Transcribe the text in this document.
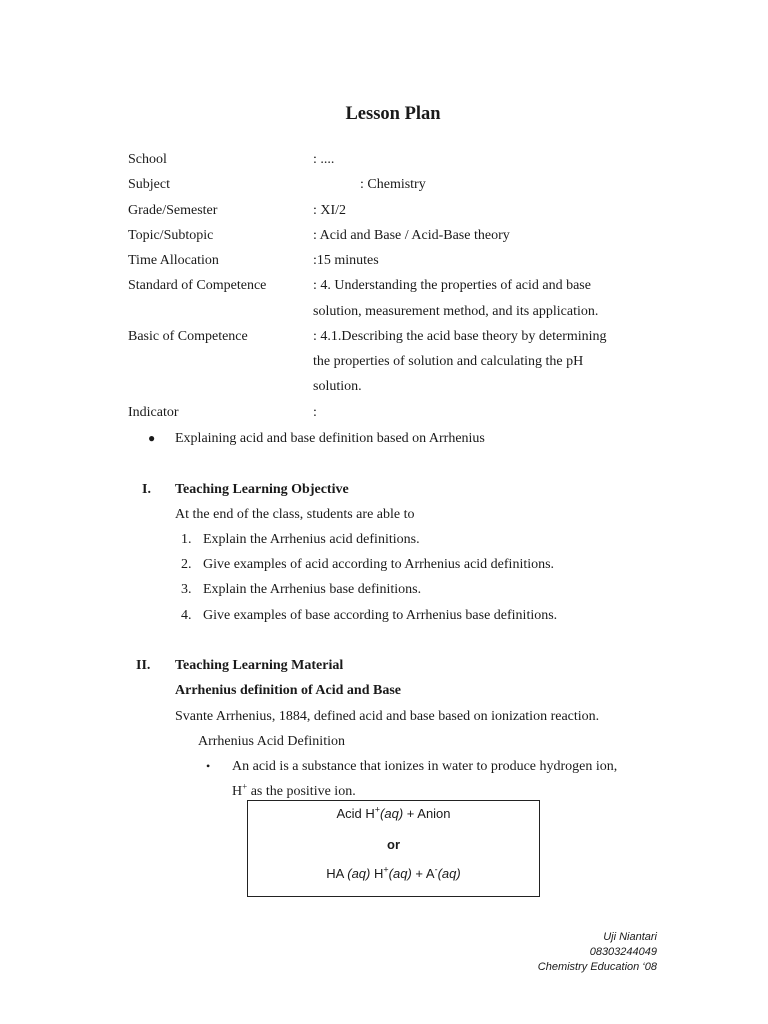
Lesson Plan
School	: ....
Subject	: Chemistry
Grade/Semester	: XI/2
Topic/Subtopic	: Acid and Base / Acid-Base theory
Time Allocation	:15 minutes
Standard of Competence	: 4. Understanding the properties of acid and base
solution, measurement method, and its application.
Basic of Competence	: 4.1.Describing the acid base theory by determining
the properties of solution and calculating the pH
solution.
Indicator	:
● Explaining acid and base definition based on Arrhenius
I. Teaching Learning Objective
At the end of the class, students are able to
1. Explain the Arrhenius acid definitions.
2. Give examples of acid according to Arrhenius acid definitions.
3. Explain the Arrhenius base definitions.
4. Give examples of base according to Arrhenius base definitions.
II. Teaching Learning Material
Arrhenius definition of Acid and Base
Svante Arrhenius, 1884, defined acid and base based on ionization reaction.
Arrhenius Acid Definition
• An acid is a substance that ionizes in water to produce hydrogen ion,
H+ as the positive ion.
Acid H+(aq) + Anion
or
HA (aq) H+(aq) + A-(aq)
Uji Niantari
08303244049
Chemistry Education ‘08
